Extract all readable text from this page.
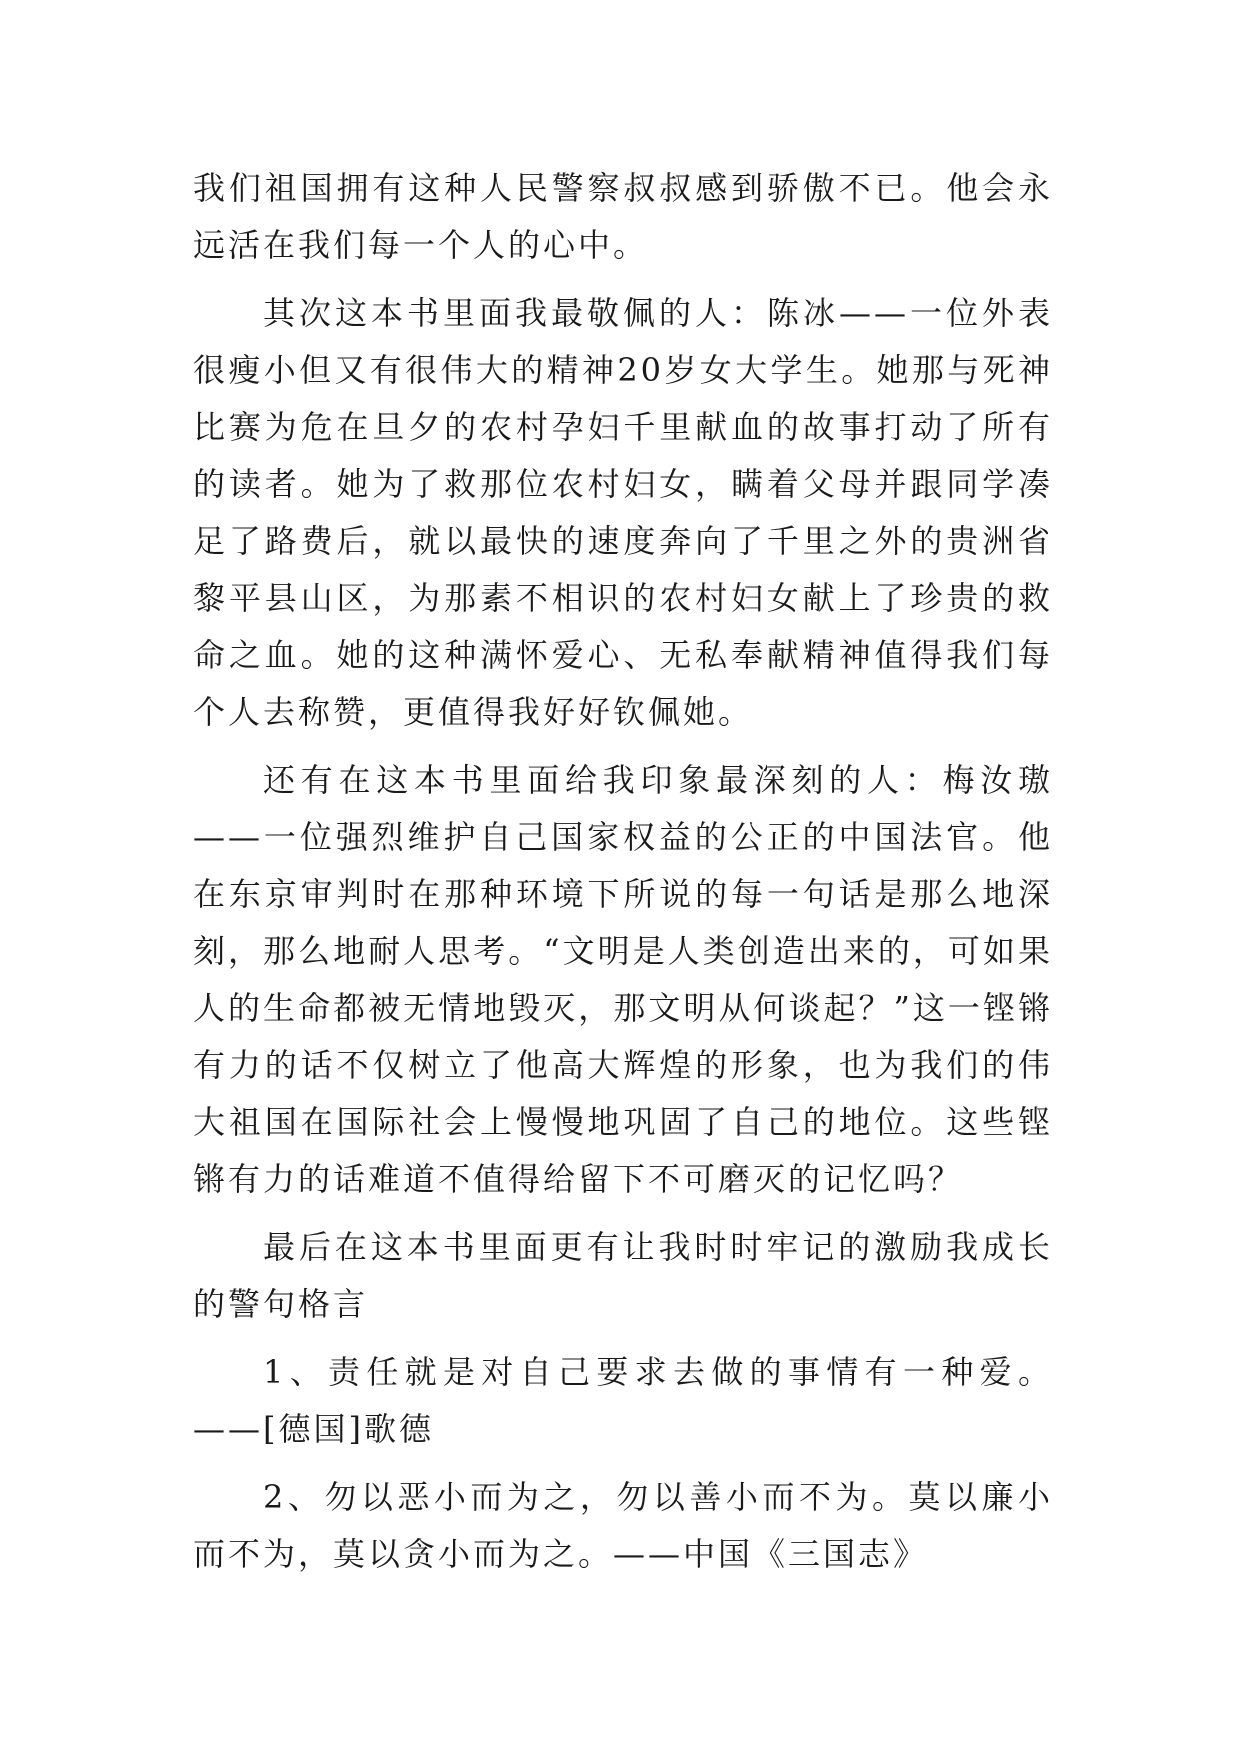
我们祖国拥有这种人民警察叔叔感到骄傲不已。他会永远活在我们每一个人的心中。

其次这本书里面我最敬佩的人：陈冰——一位外表很瘦小但又有很伟大的精神20岁女大学生。她那与死神比赛为危在旦夕的农村孕妇千里献血的故事打动了所有的读者。她为了救那位农村妇女，瞒着父母并跟同学凑足了路费后，就以最快的速度奔向了千里之外的贵洲省黎平县山区，为那素不相识的农村妇女献上了珍贵的救命之血。她的这种满怀爱心、无私奉献精神值得我们每个人去称赞，更值得我好好钦佩她。

还有在这本书里面给我印象最深刻的人：梅汝璈——一位强烈维护自己国家权益的公正的中国法官。他在东京审判时在那种环境下所说的每一句话是那么地深刻，那么地耐人思考。“文明是人类创造出来的，可如果人的生命都被无情地毁灭，那文明从何谈起？”这一铿锵有力的话不仅树立了他高大辉煌的形象，也为我们的伟大祖国在国际社会上慢慢地巩固了自己的地位。这些铿锵有力的话难道不值得给留下不可磨灭的记忆吗？

最后在这本书里面更有让我时时牢记的激励我成长的警句格言

1、责任就是对自己要求去做的事情有一种爱。——[德国]歌德

2、勿以恶小而为之，勿以善小而不为。莫以廉小而不为，莫以贪小而为之。——中国《三国志》
